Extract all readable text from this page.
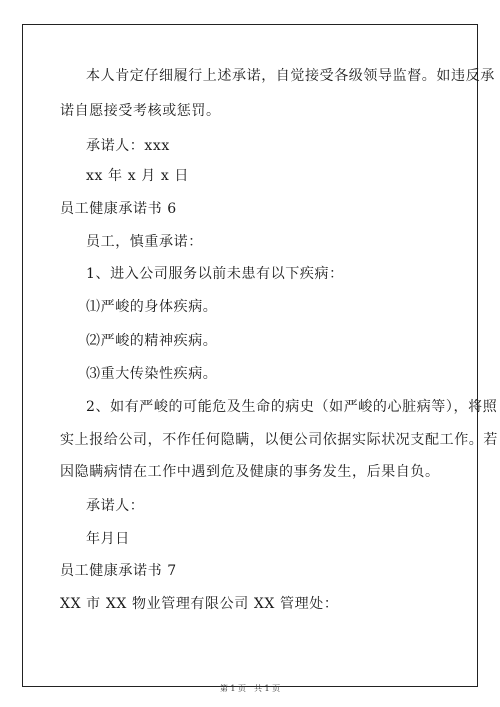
本人肯定仔细履行上述承诺，自觉接受各级领导监督。如违反承
诺自愿接受考核或惩罚。
承诺人：xxx
xx 年 x 月 x 日
员工健康承诺书 6
员工，慎重承诺：
1、进入公司服务以前未患有以下疾病：
⑴严峻的身体疾病。
⑵严峻的精神疾病。
⑶重大传染性疾病。
2、如有严峻的可能危及生命的病史（如严峻的心脏病等），将照
实上报给公司，不作任何隐瞒，以便公司依据实际状况支配工作。若
因隐瞒病情在工作中遇到危及健康的事务发生，后果自负。
承诺人：
年月日
员工健康承诺书 7
XX 市 XX 物业管理有限公司 XX 管理处：
第 1 页　共 1 页
